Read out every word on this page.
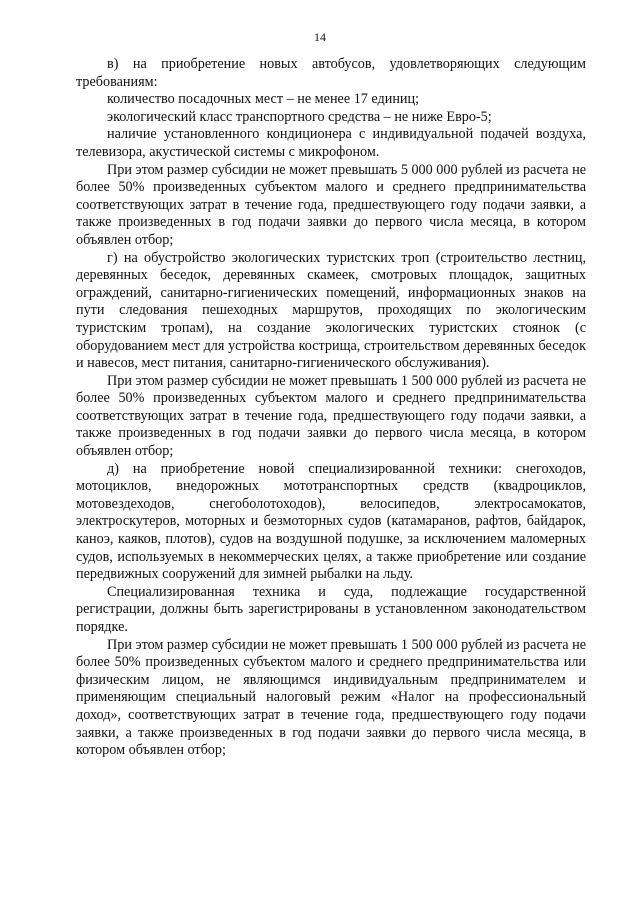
14

в) на приобретение новых автобусов, удовлетворяющих следующим требованиям:

количество посадочных мест – не менее 17 единиц;

экологический класс транспортного средства – не ниже Евро-5;

наличие установленного кондиционера с индивидуальной подачей воздуха, телевизора, акустической системы с микрофоном.

При этом размер субсидии не может превышать 5 000 000 рублей из расчета не более 50% произведенных субъектом малого и среднего предпринимательства соответствующих затрат в течение года, предшествующего году подачи заявки, а также произведенных в год подачи заявки до первого числа месяца, в котором объявлен отбор;

г) на обустройство экологических туристских троп (строительство лестниц, деревянных беседок, деревянных скамеек, смотровых площадок, защитных ограждений, санитарно-гигиенических помещений, информационных знаков на пути следования пешеходных маршрутов, проходящих по экологическим туристским тропам), на создание экологических туристских стоянок (с оборудованием мест для устройства кострища, строительством деревянных беседок и навесов, мест питания, санитарно-гигиенического обслуживания).

При этом размер субсидии не может превышать 1 500 000 рублей из расчета не более 50% произведенных субъектом малого и среднего предпринимательства соответствующих затрат в течение года, предшествующего году подачи заявки, а также произведенных в год подачи заявки до первого числа месяца, в котором объявлен отбор;

д) на приобретение новой специализированной техники: снегоходов, мотоциклов, внедорожных мототранспортных средств (квадроциклов, мотовездеходов, снегоболотоходов), велосипедов, электросамокатов, электроскутеров, моторных и безмоторных судов (катамаранов, рафтов, байдарок, каноэ, каяков, плотов), судов на воздушной подушке, за исключением маломерных судов, используемых в некоммерческих целях, а также приобретение или создание передвижных сооружений для зимней рыбалки на льду.

Специализированная техника и суда, подлежащие государственной регистрации, должны быть зарегистрированы в установленном законодательством порядке.

При этом размер субсидии не может превышать 1 500 000 рублей из расчета не более 50% произведенных субъектом малого и среднего предпринимательства или физическим лицом, не являющимся индивидуальным предпринимателем и применяющим специальный налоговый режим «Налог на профессиональный доход», соответствующих затрат в течение года, предшествующего году подачи заявки, а также произведенных в год подачи заявки до первого числа месяца, в котором объявлен отбор;
